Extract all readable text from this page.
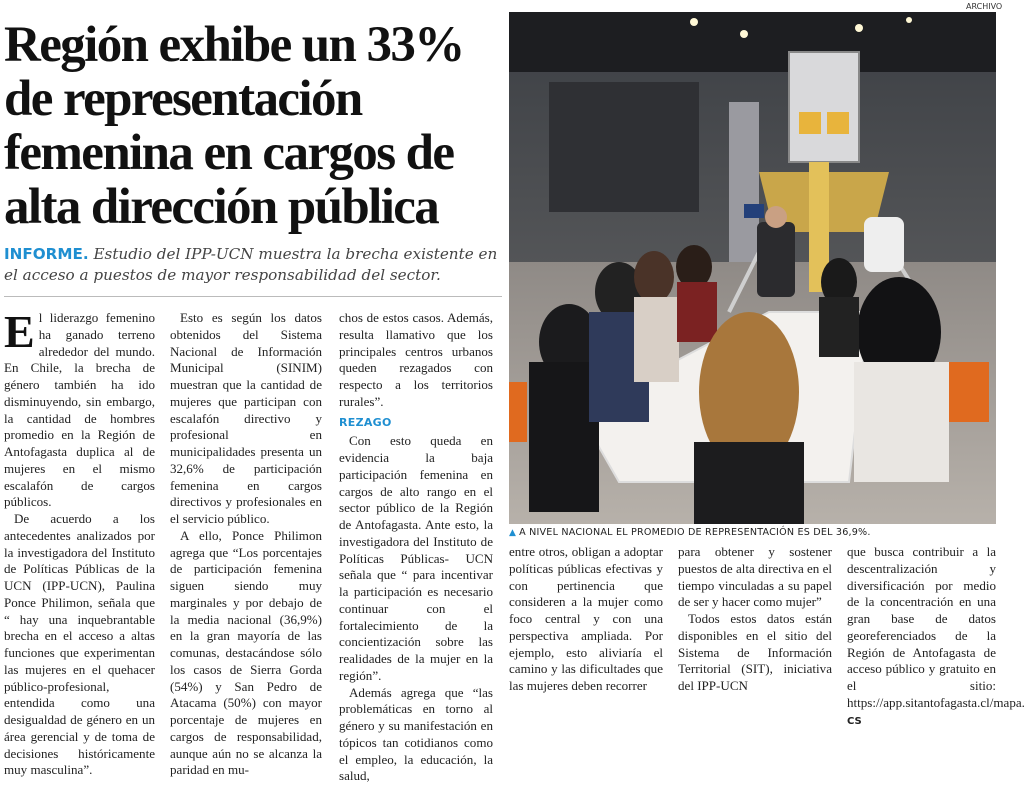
Región exhibe un 33% de representación femenina en cargos de alta dirección pública

INFORME. Estudio del IPP-UCN muestra la brecha existente en el acceso a puestos de mayor responsabilidad del sector.

El liderazgo femenino ha ganado terreno alrededor del mundo. En Chile, la brecha de género también ha ido disminuyendo, sin embargo, la cantidad de hombres promedio en la Región de Antofagasta duplica al de mujeres en el mismo escalafón de cargos públicos.

De acuerdo a los antecedentes analizados por la investigadora del Instituto de Políticas Públicas de la UCN (IPP-UCN), Paulina Ponce Philimon, señala que “ hay una inquebrantable brecha en el acceso a altas funciones que experimentan las mujeres en el quehacer público-profesional, entendida como una desigualdad de género en un área gerencial y de toma de decisiones históricamente muy masculina”.

Esto es según los datos obtenidos del Sistema Nacional de Información Municipal (SINIM) muestran que la cantidad de mujeres que participan con escalafón directivo y profesional en municipalidades presenta un 32,6% de participación femenina en cargos directivos y profesionales en el servicio público.

A ello, Ponce Philimon agrega que “Los porcentajes de participación femenina siguen siendo muy marginales y por debajo de la media nacional (36,9%) en la gran mayoría de las comunas, destacándose sólo los casos de Sierra Gorda (54%) y San Pedro de Atacama (50%) con mayor porcentaje de mujeres en cargos de responsabilidad, aunque aún no se alcanza la paridad en mu-

chos de estos casos. Además, resulta llamativo que los principales centros urbanos queden rezagados con respecto a los territorios rurales”.

REZAGO

Con esto queda en evidencia la baja participación femenina en cargos de alto rango en el sector público de la Región de Antofagasta. Ante esto, la investigadora del Instituto de Políticas Públicas- UCN señala que “ para incentivar la participación es necesario continuar con el fortalecimiento de la concientización sobre las realidades de la mujer en la región”.

Además agrega que “las problemáticas en torno al género y su manifestación en tópicos tan cotidianos como el empleo, la educación, la salud,

ARCHIVO
▲ A NIVEL NACIONAL EL PROMEDIO DE REPRESENTACIÓN ES DEL 36,9%.

entre otros, obligan a adoptar políticas públicas efectivas y con pertinencia que consideren a la mujer como foco central y con una perspectiva ampliada. Por ejemplo, esto aliviaría el camino y las dificultades que las mujeres deben recorrer

para obtener y sostener puestos de alta directiva en el tiempo vinculadas a su papel de ser y hacer como mujer”

Todos estos datos están disponibles en el sitio del Sistema de Información Territorial (SIT), iniciativa del IPP-UCN

que busca contribuir a la descentralización y diversificación por medio de la concentración en una gran base de datos georeferenciados de la Región de Antofagasta de acceso público y gratuito en el sitio: https://app.sitantofagasta.cl/mapa. CS
